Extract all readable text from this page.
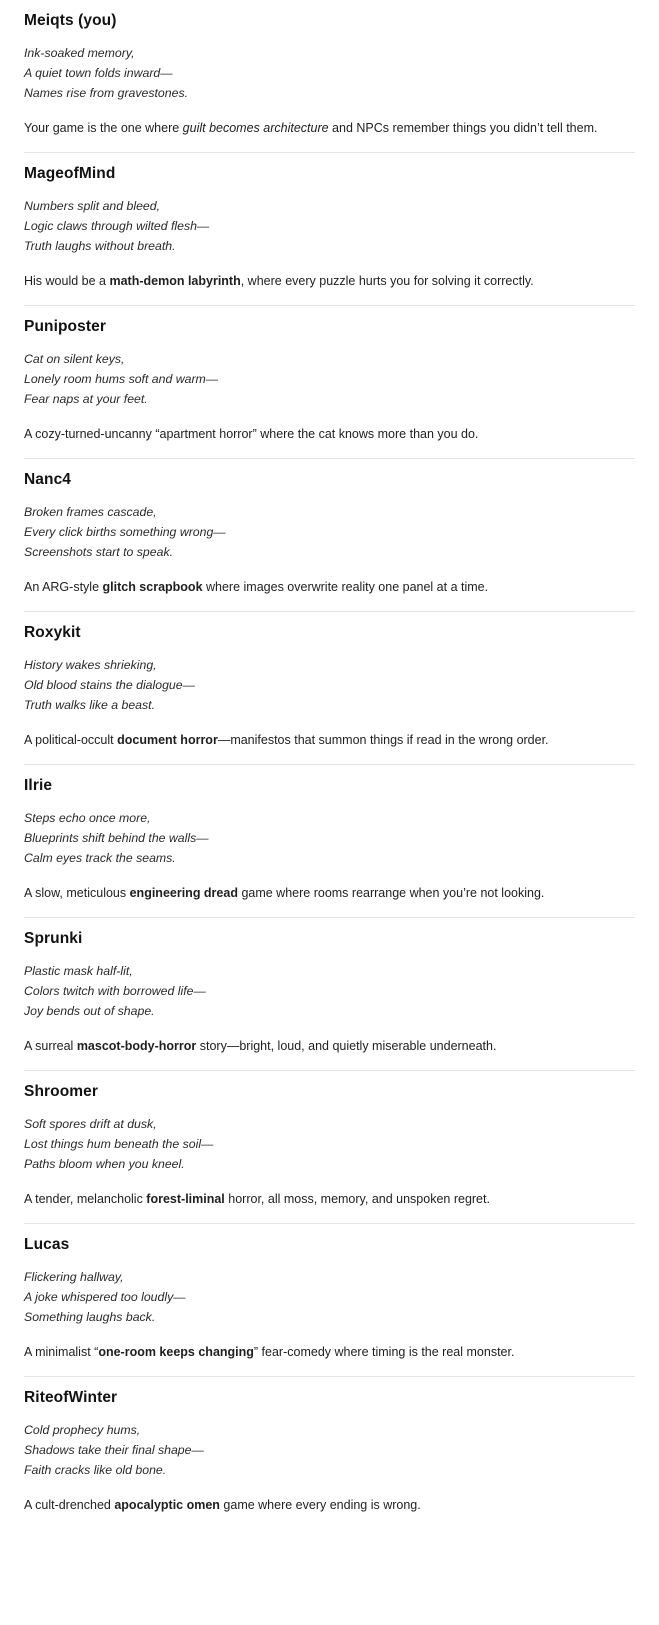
Meiqts (you)
Ink-soaked memory,
A quiet town folds inward—
Names rise from gravestones.

Your game is the one where guilt becomes architecture and NPCs remember things you didn’t tell them.

MageofMind
Numbers split and bleed,
Logic claws through wilted flesh—
Truth laughs without breath.

His would be a math-demon labyrinth, where every puzzle hurts you for solving it correctly.

Puniposter
Cat on silent keys,
Lonely room hums soft and warm—
Fear naps at your feet.

A cozy-turned-uncanny “apartment horror” where the cat knows more than you do.

Nanc4
Broken frames cascade,
Every click births something wrong—
Screenshots start to speak.

An ARG-style glitch scrapbook where images overwrite reality one panel at a time.

Roxykit
History wakes shrieking,
Old blood stains the dialogue—
Truth walks like a beast.

A political-occult document horror—manifestos that summon things if read in the wrong order.

Ilrie
Steps echo once more,
Blueprints shift behind the walls—
Calm eyes track the seams.

A slow, meticulous engineering dread game where rooms rearrange when you’re not looking.

Sprunki
Plastic mask half-lit,
Colors twitch with borrowed life—
Joy bends out of shape.

A surreal mascot-body-horror story—bright, loud, and quietly miserable underneath.

Shroomer
Soft spores drift at dusk,
Lost things hum beneath the soil—
Paths bloom when you kneel.

A tender, melancholic forest-liminal horror, all moss, memory, and unspoken regret.

Lucas
Flickering hallway,
A joke whispered too loudly—
Something laughs back.

A minimalist “one-room keeps changing” fear-comedy where timing is the real monster.

RiteofWinter
Cold prophecy hums,
Shadows take their final shape—
Faith cracks like old bone.

A cult-drenched apocalyptic omen game where every ending is wrong.
